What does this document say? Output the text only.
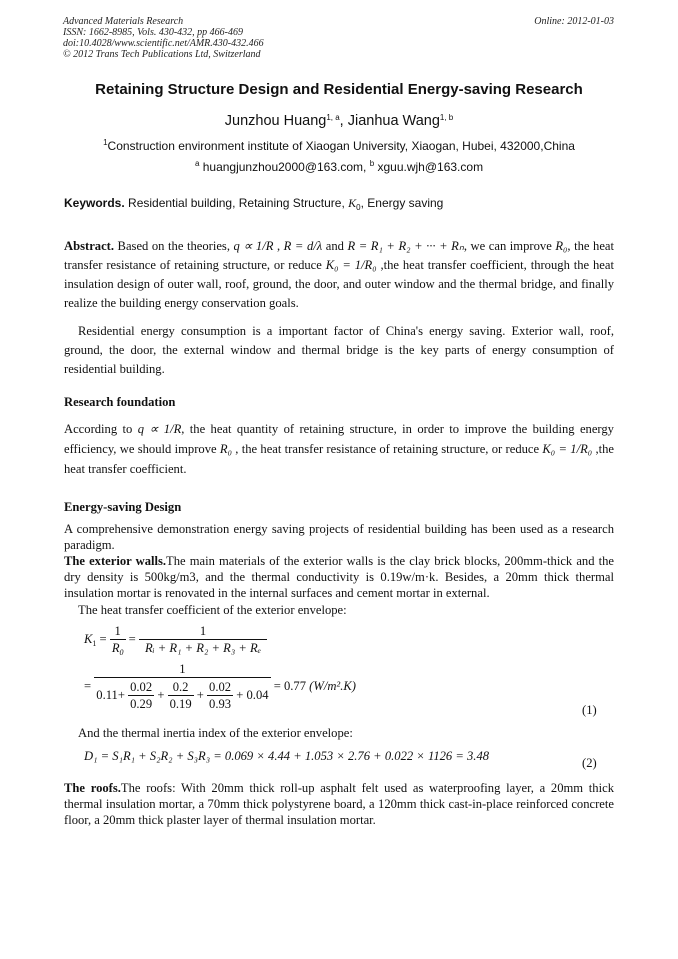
Advanced Materials Research
ISSN: 1662-8985, Vols. 430-432, pp 466-469
doi:10.4028/www.scientific.net/AMR.430-432.466
© 2012 Trans Tech Publications Ltd, Switzerland
Online: 2012-01-03
Retaining Structure Design and Residential Energy-saving Research
Junzhou Huang$^{1, a}$, Jianhua Wang$^{1, b}$
$^1$Construction environment institute of Xiaogan University, Xiaogan, Hubei, 432000,China
$^a$ huangjunzhou2000@163.com, $^b$ xguu.wjh@163.com
Keywords. Residential building, Retaining Structure, $K_0$, Energy saving
Abstract. Based on the theories, q ∝ 1/R , R = d/λ and R = R₁ + R₂ + ··· + Rₙ, we can improve R₀, the heat transfer resistance of retaining structure, or reduce K₀ = 1/R₀ ,the heat transfer coefficient, through the heat insulation design of outer wall, roof, ground, the door, and outer window and the thermal bridge, and finally realize the building energy conservation goals.
Residential energy consumption is a important factor of China's energy saving. Exterior wall, roof, ground, the door, the external window and thermal bridge is the key parts of energy consumption of residential building.
Research foundation
According to q ∝ 1/R, the heat quantity of retaining structure, in order to improve the building energy efficiency, we should improve R₀ , the heat transfer resistance of retaining structure, or reduce K₀ = 1/R₀ ,the heat transfer coefficient.
Energy-saving Design
A comprehensive demonstration energy saving projects of residential building has been used as a research paradigm.
The exterior walls.The main materials of the exterior walls is the clay brick blocks, 200mm-thick and the dry density is 500kg/m3, and the thermal conductivity is 0.19w/m·k. Besides, a 20mm thick thermal insulation mortar is renovated in the internal surfaces and cement mortar in external.
The heat transfer coefficient of the exterior envelope:
$K_1 = \frac{1}{R_0} = \frac{1}{\text{Rᵢ + R₁ + R₂ + R₃ + Rₑ}}$
=
1
$0.11+ \frac{0.02}{0.29} + \frac{0.2}{0.19} + \frac{0.02}{0.93} + 0.04$
= 0.77 (W/m².K)
(1)
And the thermal inertia index of the exterior envelope:
D₁ = S₁R₁ + S₂R₂ + S₃R₃ = 0.069 × 4.44 + 1.053 × 2.76 + 0.022 × 1126 = 3.48	(2)
The roofs.The roofs: With 20mm thick roll-up asphalt felt used as waterproofing layer, a 20mm thick thermal insulation mortar, a 70mm thick polystyrene board, a 120mm thick cast-in-place reinforced concrete floor, a 20mm thick plaster layer of thermal insulation mortar.
